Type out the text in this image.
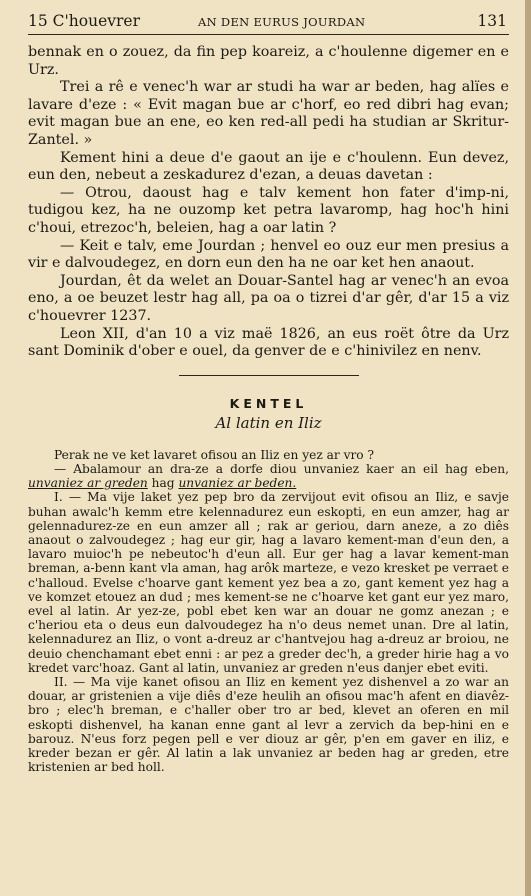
15 C'houevrer	AN DEN EURUS JOURDAN	131

bennak en o zouez, da fin pep koareiz, a c'houlenne digemer en e Urz.

Trei a rê e venec'h war ar studi ha war ar beden, hag alïes e lavare d'eze : « Evit magan bue ar c'horf, eo red dibri hag evan; evit magan bue an ene, eo ken red-all pedi ha studian ar Skritur-Zantel. »

Kement hini a deue d'e gaout an ije e c'houlenn. Eun devez, eun den, nebeut a zeskadurez d'ezan, a deuas davetan :

— Otrou, daoust hag e talv kement hon fater d'imp-ni, tudigou kez, ha ne ouzomp ket petra lavaromp, hag hoc'h hini c'houi, etrezoc'h, beleien, hag a oar latin ?

— Keit e talv, eme Jourdan ; henvel eo ouz eur men presius a vir e dalvoudegez, en dorn eun den ha ne oar ket hen anaout.

Jourdan, êt da welet an Douar-Santel hag ar venec'h an evoa eno, a oe beuzet lestr hag all, pa oa o tizrei d'ar gêr, d'ar 15 a viz c'houevrer 1237.

Leon XII, d'an 10 a viz maë 1826, an eus roët ôtre da Urz sant Dominik d'ober e ouel, da genver de e c'hinivilez en nenv.

KENTEL
Al latin en Iliz

Perak ne ve ket lavaret ofisou an Iliz en yez ar vro ?

— Abalamour an dra-ze a dorfe diou unvaniez kaer an eil hag eben, unvaniez ar greden hag unvaniez ar beden.

I. — Ma vije laket yez pep bro da zervijout evit ofisou an Iliz, e savje buhan awalc'h kemm etre kelennadurez eun eskopti, en eun amzer, hag ar gelennadurez-ze en eun amzer all ; rak ar geriou, darn aneze, a zo diês anaout o zalvoudegez ; hag eur gir, hag a lavaro kement-man d'eun den, a lavaro muioc'h pe nebeutoc'h d'eun all. Eur ger hag a lavar kement-man breman, a-benn kant vla aman, hag arôk marteze, e vezo kresket pe verraet e c'halloud. Evelse c'hoarve gant kement yez bea a zo, gant kement yez hag a ve komzet etouez an dud ; mes kement-se ne c'hoarve ket gant eur yez maro, evel al latin. Ar yez-ze, pobl ebet ken war an douar ne gomz anezan ; e c'heriou eta o deus eun dalvoudegez ha n'o deus nemet unan. Dre al latin, kelennadurez an Iliz, o vont a-dreuz ar c'hantvejou hag a-dreuz ar broiou, ne deuio chenchamant ebet enni : ar pez a greder dec'h, a greder hirie hag a vo kredet varc'hoaz. Gant al latin, unvaniez ar greden n'eus danjer ebet eviti.

II. — Ma vije kanet ofisou an Iliz en kement yez dishenvel a zo war an douar, ar gristenien a vije diês d'eze heulih an ofisou mac'h afent en diavêz-bro ; elec'h breman, e c'haller ober tro ar bed, klevet an oferen en mil eskopti dishenvel, ha kanan enne gant al levr a zervich da bep-hini en e barouz. N'eus forz pegen pell e ver diouz ar gêr, p'en em gaver en iliz, e kreder bezan er gêr. Al latin a lak unvaniez ar beden hag ar greden, etre kristenien ar bed holl.
